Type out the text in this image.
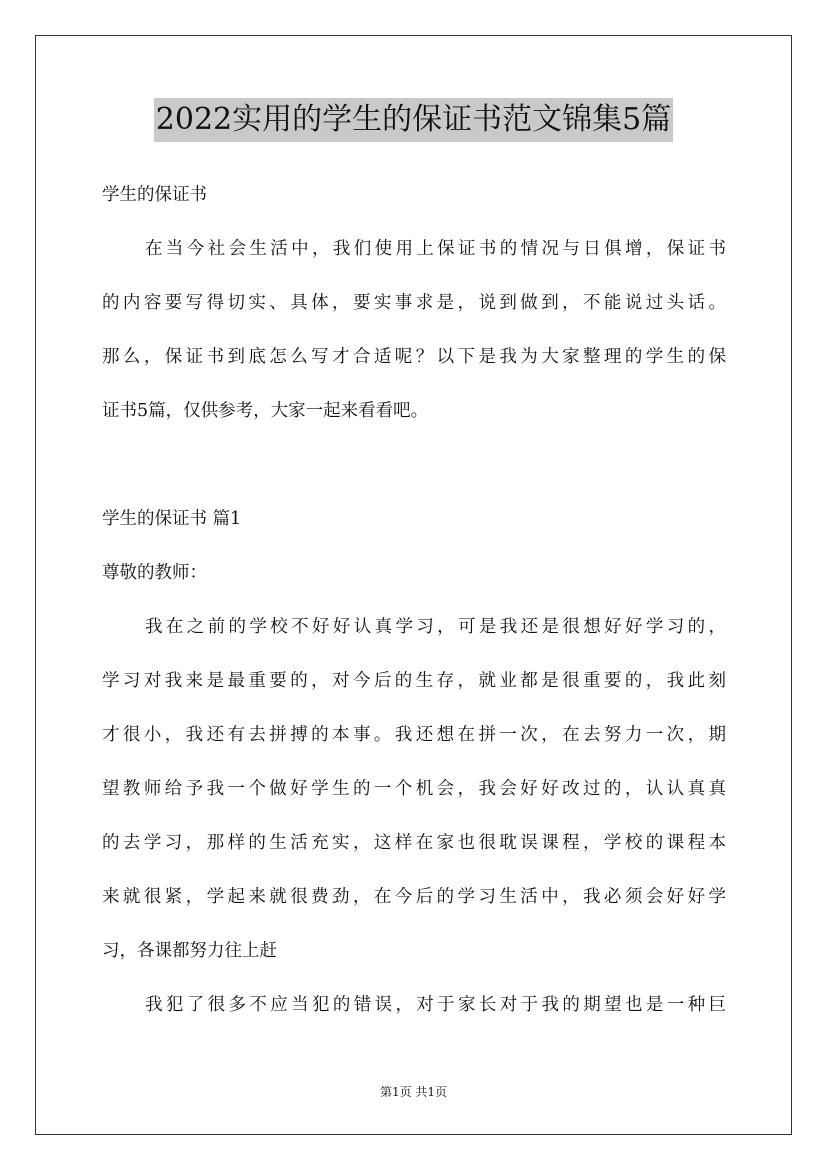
2022实用的学生的保证书范文锦集5篇
学生的保证书
在当今社会生活中，我们使用上保证书的情况与日俱增，保证书
的内容要写得切实、具体，要实事求是，说到做到，不能说过头话。
那么，保证书到底怎么写才合适呢？以下是我为大家整理的学生的保
证书5篇，仅供参考，大家一起来看看吧。
学生的保证书 篇1
尊敬的教师：
我在之前的学校不好好认真学习，可是我还是很想好好学习的，
学习对我来是最重要的，对今后的生存，就业都是很重要的，我此刻
才很小，我还有去拼搏的本事。我还想在拼一次，在去努力一次，期
望教师给予我一个做好学生的一个机会，我会好好改过的，认认真真
的去学习，那样的生活充实，这样在家也很耽误课程，学校的课程本
来就很紧，学起来就很费劲，在今后的学习生活中，我必须会好好学
习，各课都努力往上赶
我犯了很多不应当犯的错误，对于家长对于我的期望也是一种巨
第1页 共1页
